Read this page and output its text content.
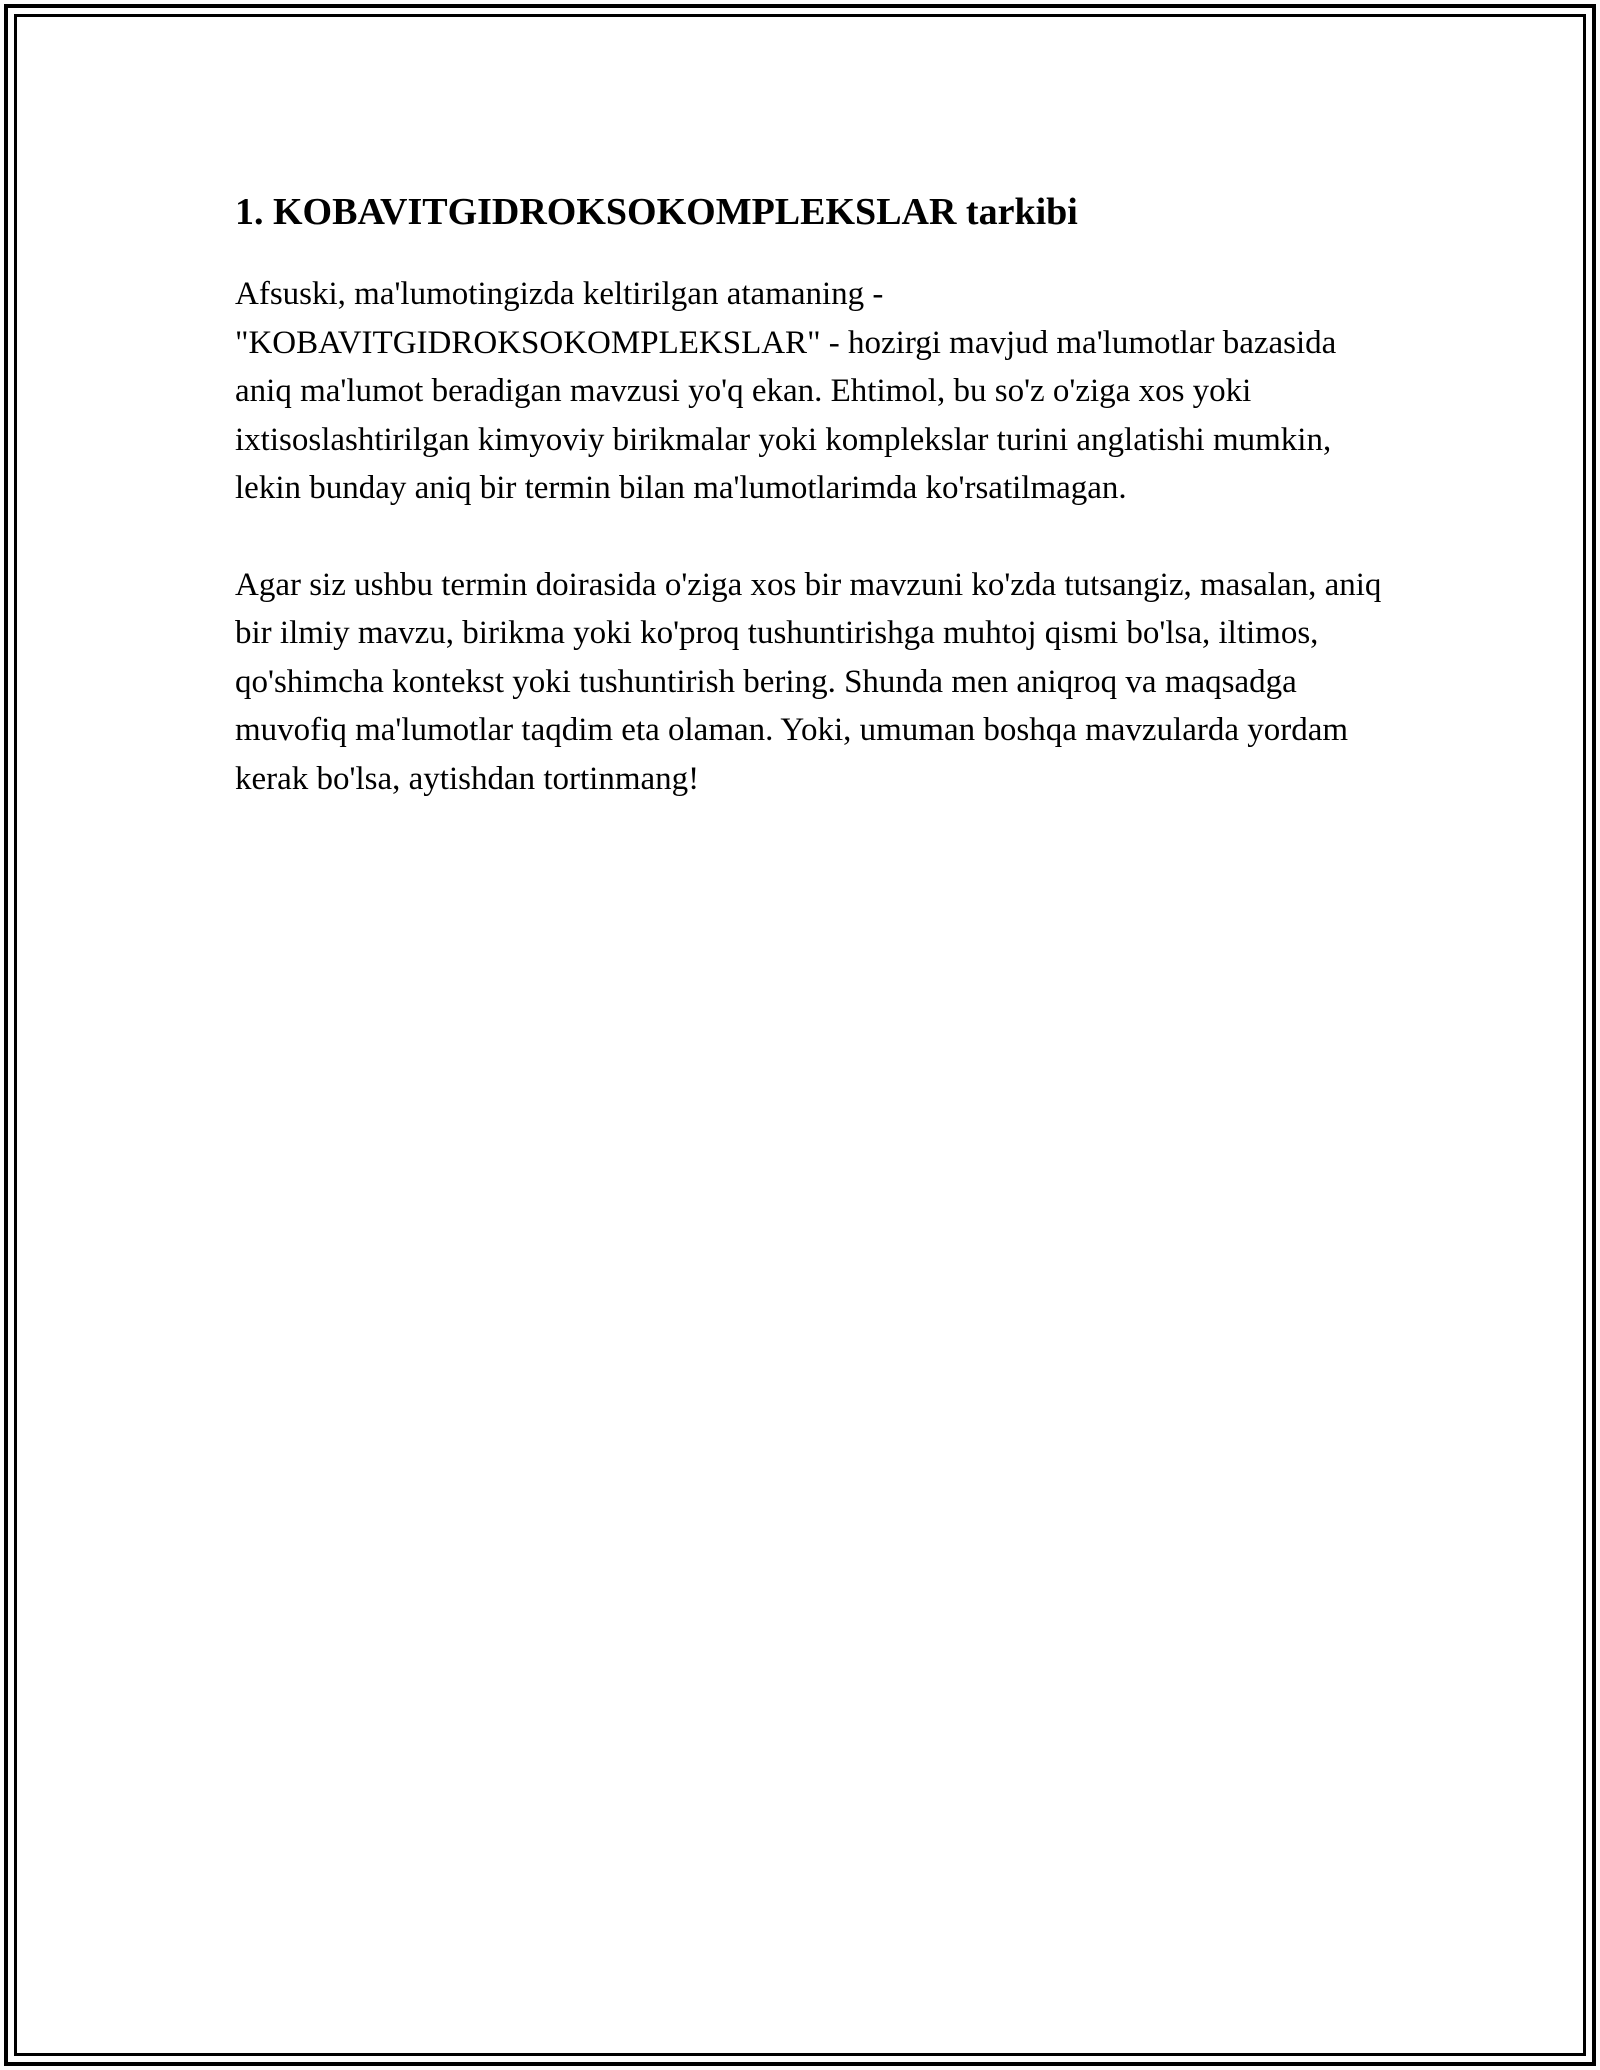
1. KOBAVITGIDROKSOKOMPLEKSLAR tarkibi

Afsuski, ma'lumotingizda keltirilgan atamaning - "KOBAVITGIDROKSOKOMPLEKSLAR" - hozirgi mavjud ma'lumotlar bazasida aniq ma'lumot beradigan mavzusi yo'q ekan. Ehtimol, bu so'z o'ziga xos yoki ixtisoslashtirilgan kimyoviy birikmalar yoki komplekslar turini anglatishi mumkin, lekin bunday aniq bir termin bilan ma'lumotlarimda ko'rsatilmagan.

Agar siz ushbu termin doirasida o'ziga xos bir mavzuni ko'zda tutsangiz, masalan, aniq bir ilmiy mavzu, birikma yoki ko'proq tushuntirishga muhtoj qismi bo'lsa, iltimos, qo'shimcha kontekst yoki tushuntirish bering. Shunda men aniqroq va maqsadga muvofiq ma'lumotlar taqdim eta olaman. Yoki, umuman boshqa mavzularda yordam kerak bo'lsa, aytishdan tortinmang!
